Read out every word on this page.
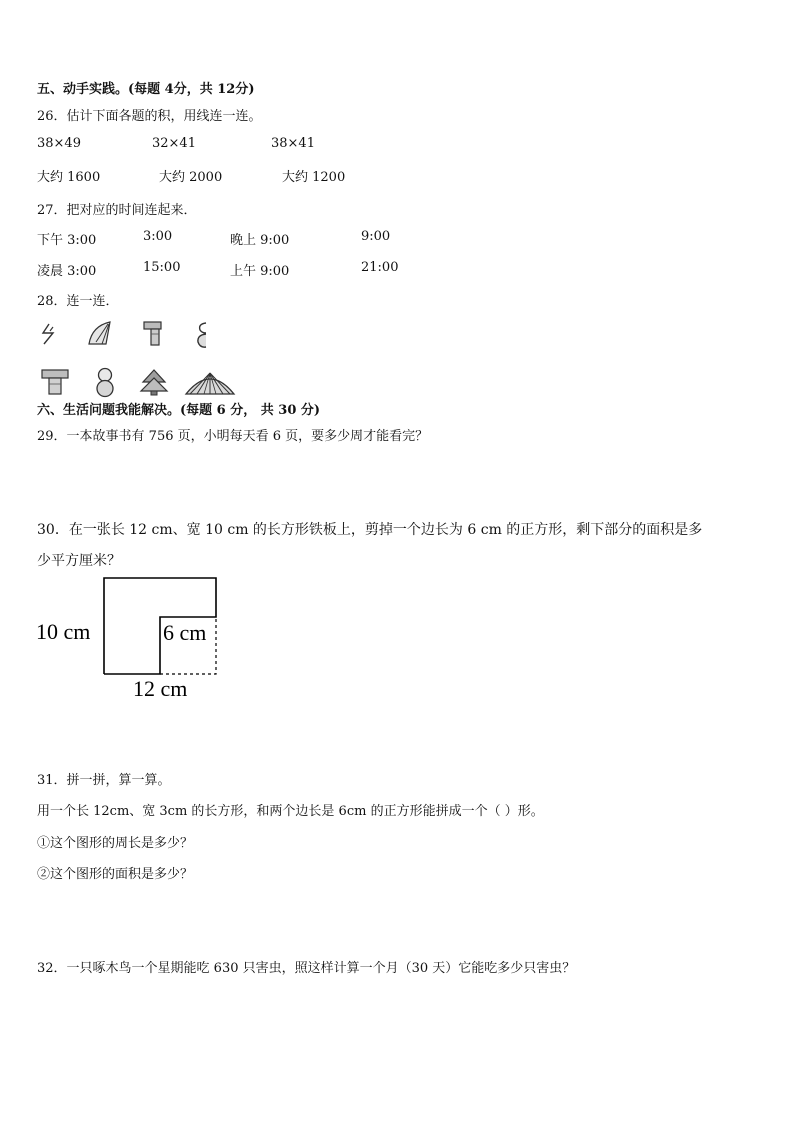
五、动手实践。(每题 4分，共 12分)
26．估计下面各题的积，用线连一连。
38×49	32×41	38×41
大约 1600	大约 2000	大约 1200
27．把对应的时间连起来．
下午 3:00	3:00	晚上 9:00	9:00
凌晨 3:00	15:00	上午 9:00	21:00
28．连一连．
六、生活问题我能解决。(每题 6 分， 共 30 分)
29．一本故事书有 756 页，小明每天看 6 页，要多少周才能看完？
30．在一张长 12 cm、宽 10 cm 的长方形铁板上，剪掉一个边长为 6 cm 的正方形，剩下部分的面积是多
少平方厘米？
10 cm	6 cm
12 cm
31．拼一拼，算一算。
用一个长 12cm、宽 3cm 的长方形，和两个边长是 6cm 的正方形能拼成一个（ ）形。
①这个图形的周长是多少？
②这个图形的面积是多少？
32．一只啄木鸟一个星期能吃 630 只害虫，照这样计算一个月（30 天）它能吃多少只害虫？
